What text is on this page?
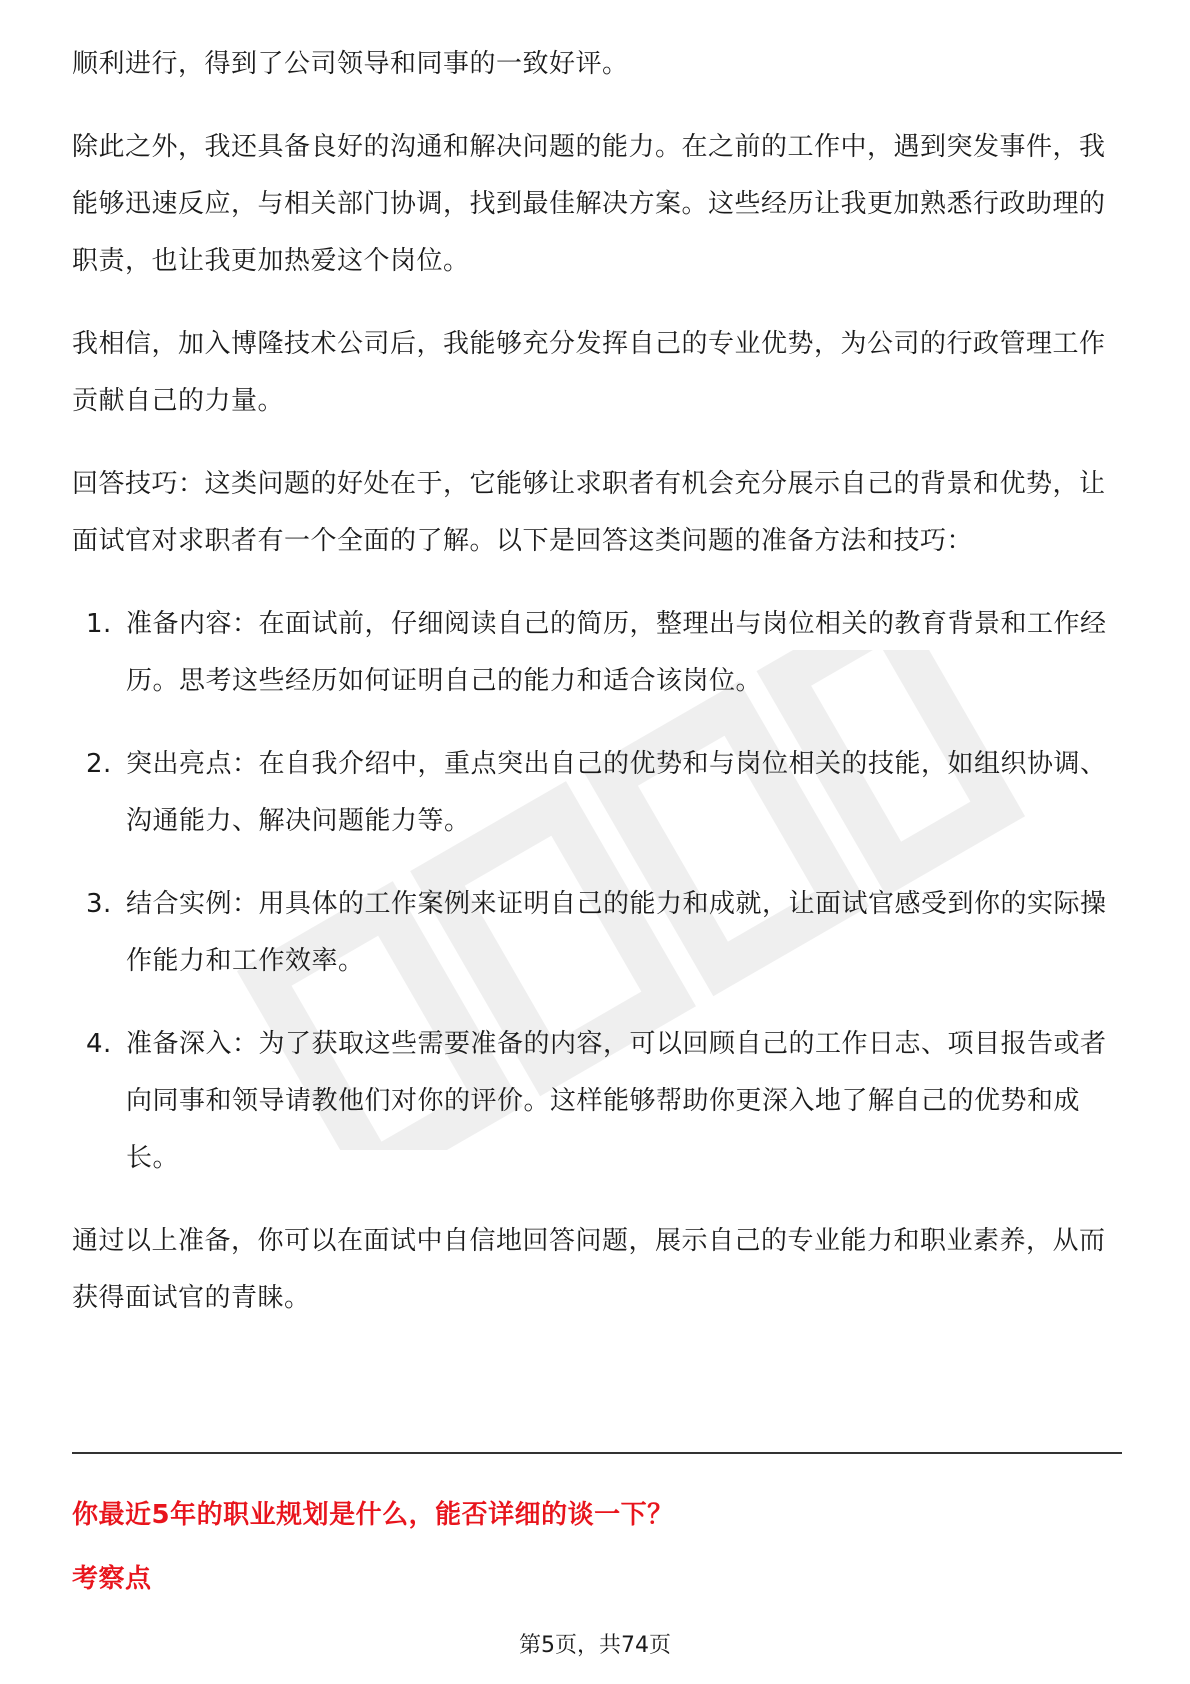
顺利进行，得到了公司领导和同事的一致好评。

除此之外，我还具备良好的沟通和解决问题的能力。在之前的工作中，遇到突发事件，我能够迅速反应，与相关部门协调，找到最佳解决方案。这些经历让我更加熟悉行政助理的职责，也让我更加热爱这个岗位。

我相信，加入博隆技术公司后，我能够充分发挥自己的专业优势，为公司的行政管理工作贡献自己的力量。

回答技巧：这类问题的好处在于，它能够让求职者有机会充分展示自己的背景和优势，让面试官对求职者有一个全面的了解。以下是回答这类问题的准备方法和技巧：

1. 准备内容：在面试前，仔细阅读自己的简历，整理出与岗位相关的教育背景和工作经历。思考这些经历如何证明自己的能力和适合该岗位。
2. 突出亮点：在自我介绍中，重点突出自己的优势和与岗位相关的技能，如组织协调、沟通能力、解决问题能力等。
3. 结合实例：用具体的工作案例来证明自己的能力和成就，让面试官感受到你的实际操作能力和工作效率。
4. 准备深入：为了获取这些需要准备的内容，可以回顾自己的工作日志、项目报告或者向同事和领导请教他们对你的评价。这样能够帮助你更深入地了解自己的优势和成长。

通过以上准备，你可以在面试中自信地回答问题，展示自己的专业能力和职业素养，从而获得面试官的青睐。

你最近5年的职业规划是什么，能否详细的谈一下？
考察点
第5页，共74页
